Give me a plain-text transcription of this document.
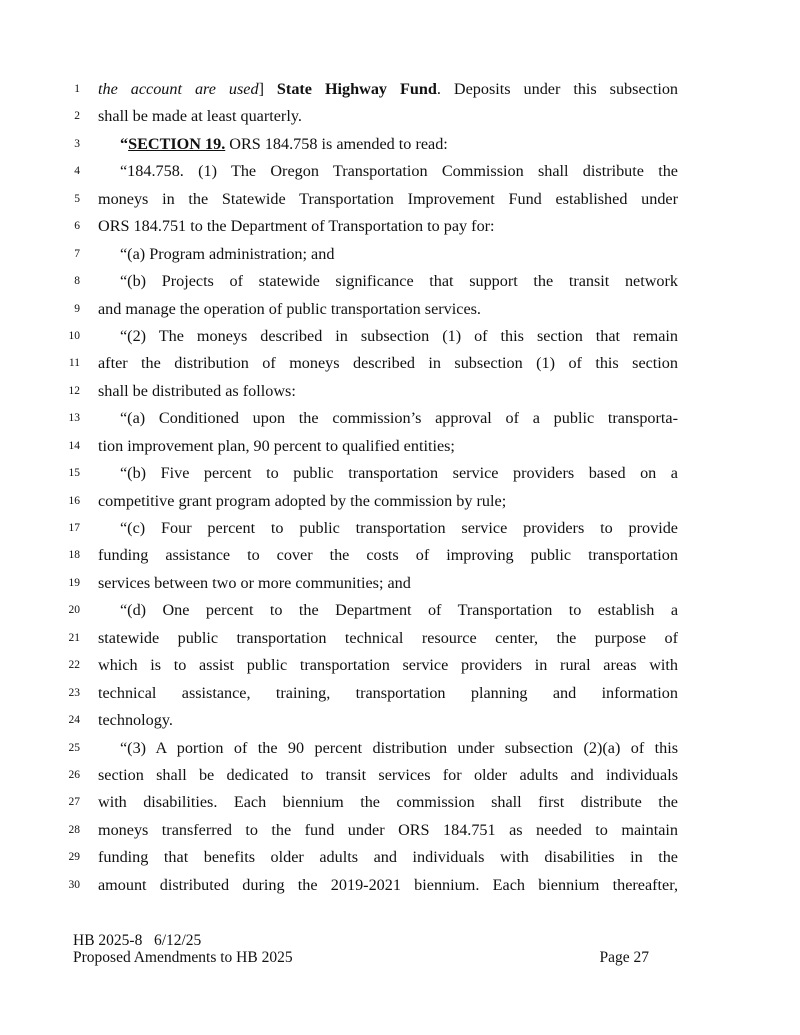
1 the account are used] State Highway Fund. Deposits under this subsection
2 shall be made at least quarterly.
3 “SECTION 19. ORS 184.758 is amended to read:
4 “184.758. (1) The Oregon Transportation Commission shall distribute the
5 moneys in the Statewide Transportation Improvement Fund established under
6 ORS 184.751 to the Department of Transportation to pay for:
7 “(a) Program administration; and
8 “(b) Projects of statewide significance that support the transit network
9 and manage the operation of public transportation services.
10 “(2) The moneys described in subsection (1) of this section that remain
11 after the distribution of moneys described in subsection (1) of this section
12 shall be distributed as follows:
13 “(a) Conditioned upon the commission’s approval of a public transporta-
14 tion improvement plan, 90 percent to qualified entities;
15 “(b) Five percent to public transportation service providers based on a
16 competitive grant program adopted by the commission by rule;
17 “(c) Four percent to public transportation service providers to provide
18 funding assistance to cover the costs of improving public transportation
19 services between two or more communities; and
20 “(d) One percent to the Department of Transportation to establish a
21 statewide public transportation technical resource center, the purpose of
22 which is to assist public transportation service providers in rural areas with
23 technical assistance, training, transportation planning and information
24 technology.
25 “(3) A portion of the 90 percent distribution under subsection (2)(a) of this
26 section shall be dedicated to transit services for older adults and individuals
27 with disabilities. Each biennium the commission shall first distribute the
28 moneys transferred to the fund under ORS 184.751 as needed to maintain
29 funding that benefits older adults and individuals with disabilities in the
30 amount distributed during the 2019-2021 biennium. Each biennium thereafter,
HB 2025-8   6/12/25
Proposed Amendments to HB 2025	Page 27
